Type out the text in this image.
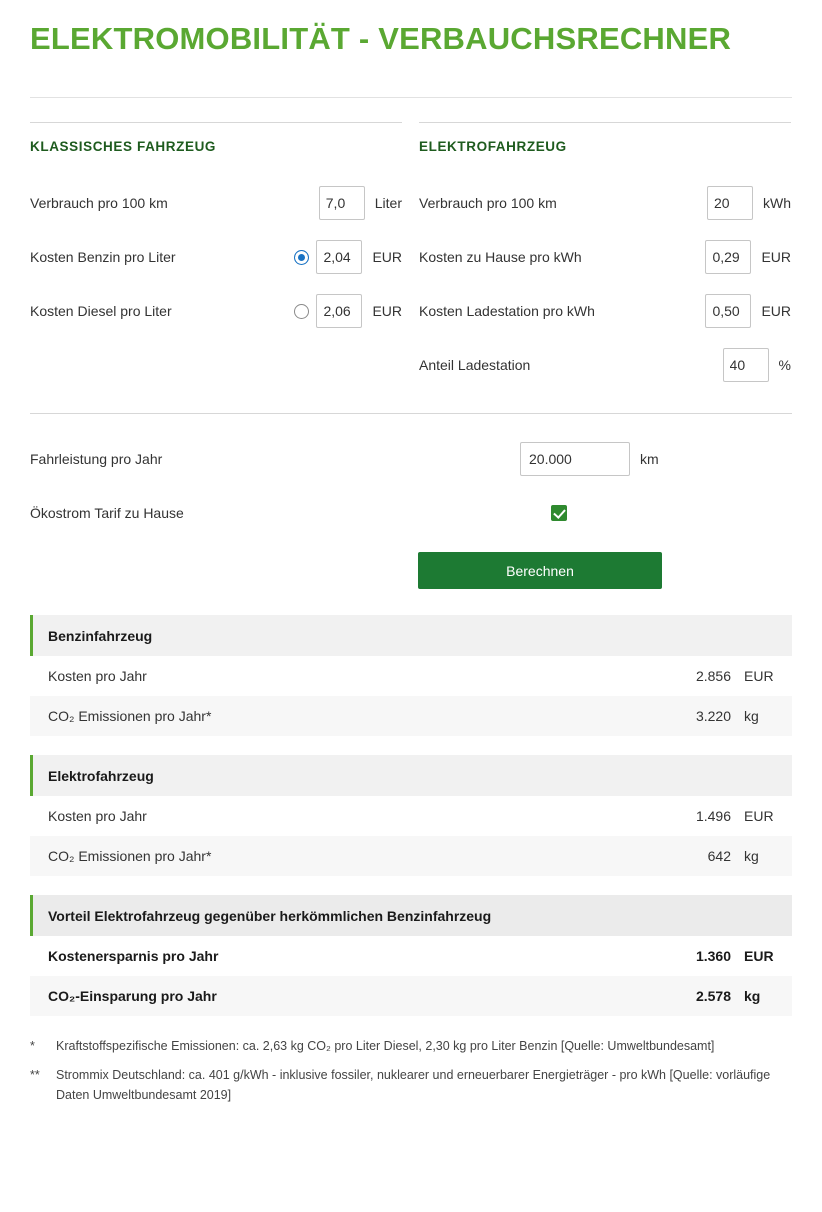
ELEKTROMOBILITÄT - VERBAUCHSRECHNER
KLASSISCHES FAHRZEUG
Verbrauch pro 100 km
7,0	Liter
Kosten Benzin pro Liter
2,04	EUR
Kosten Diesel pro Liter
2,06	EUR
ELEKTROFAHRZEUG
Verbrauch pro 100 km
20	kWh
Kosten zu Hause pro kWh
0,29	EUR
Kosten Ladestation pro kWh
0,50	EUR
Anteil Ladestation
40	%
Fahrleistung pro Jahr
20.000	km
Ökostrom Tarif zu Hause
Berechnen
Benzinfahrzeug
Kosten pro Jahr	2.856 EUR
CO₂ Emissionen pro Jahr*	3.220 kg
Elektrofahrzeug
Kosten pro Jahr	1.496 EUR
CO₂ Emissionen pro Jahr*	642 kg
Vorteil Elektrofahrzeug gegenüber herkömmlichen Benzinfahrzeug
Kostenersparnis pro Jahr	1.360 EUR
CO₂-Einsparung pro Jahr	2.578 kg
*	Kraftstoffspezifische Emissionen: ca. 2,63 kg CO₂ pro Liter Diesel, 2,30 kg pro Liter Benzin [Quelle: Umweltbundesamt]
**	Strommix Deutschland: ca. 401 g/kWh - inklusive fossiler, nuklearer und erneuerbarer Energieträger - pro kWh [Quelle: vorläufige Daten Umweltbundesamt 2019]
